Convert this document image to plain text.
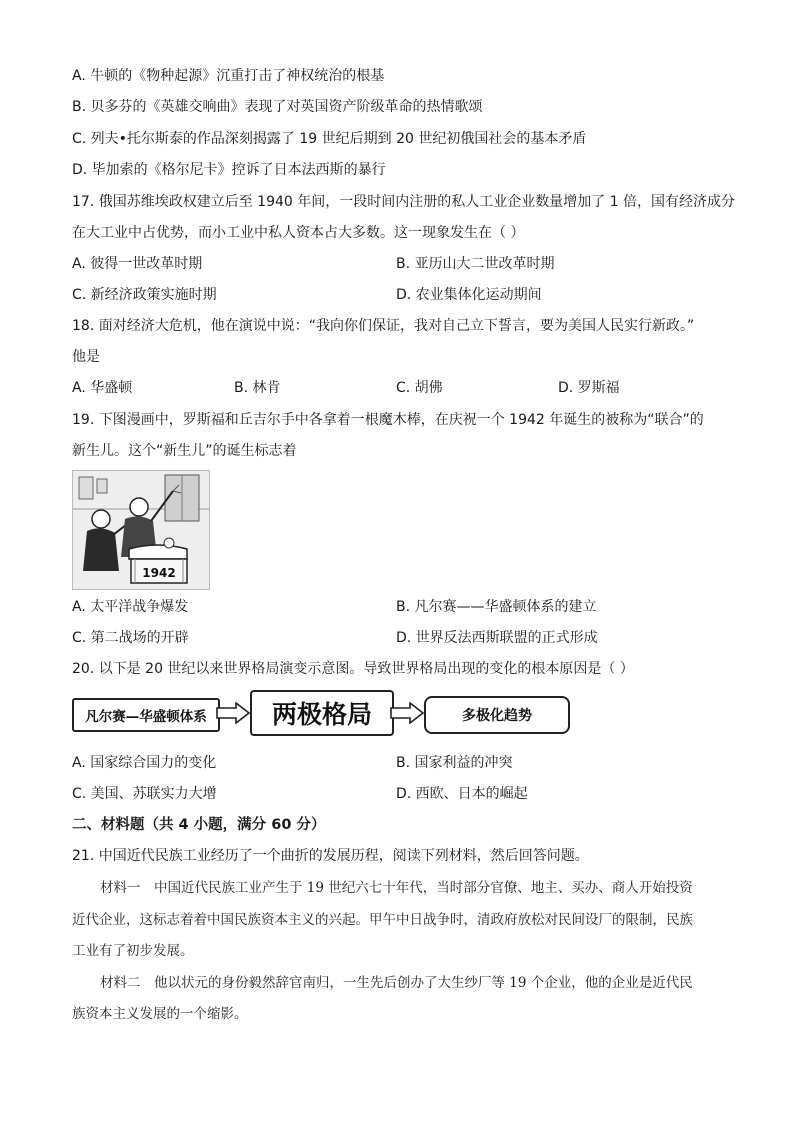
A. 牛顿的《物种起源》沉重打击了神权统治的根基
B. 贝多芬的《英雄交响曲》表现了对英国资产阶级革命的热情歌颂
C. 列夫•托尔斯泰的作品深刻揭露了 19 世纪后期到 20 世纪初俄国社会的基本矛盾
D. 毕加索的《格尔尼卡》控诉了日本法西斯的暴行
17. 俄国苏维埃政权建立后至 1940 年间，一段时间内注册的私人工业企业数量增加了 1 倍，国有经济成分
在大工业中占优势，而小工业中私人资本占大多数。这一现象发生在（ ）
A. 彼得一世改革时期	B. 亚历山大二世改革时期
C. 新经济政策实施时期	D. 农业集体化运动期间
18. 面对经济大危机，他在演说中说：“我向你们保证，我对自己立下誓言，要为美国人民实行新政。”
他是
A. 华盛顿	B. 林肯	C. 胡佛	D. 罗斯福
19. 下图漫画中，罗斯福和丘吉尔手中各拿着一根魔木棒，在庆祝一个 1942 年诞生的被称为“联合”的
新生儿。这个“新生儿”的诞生标志着
1942
A. 太平洋战争爆发	B. 凡尔赛——华盛顿体系的建立
C. 第二战场的开辟	D. 世界反法西斯联盟的正式形成
20. 以下是 20 世纪以来世界格局演变示意图。导致世界格局出现的变化的根本原因是（ ）
凡尔赛—华盛顿体系	两极格局	多极化趋势
A. 国家综合国力的变化	B. 国家利益的冲突
C. 美国、苏联实力大增	D. 西欧、日本的崛起
二、材料题（共 4 小题，满分 60 分）
21. 中国近代民族工业经历了一个曲折的发展历程，阅读下列材料，然后回答问题。
材料一　中国近代民族工业产生于 19 世纪六七十年代，当时部分官僚、地主、买办、商人开始投资
近代企业，这标志着着中国民族资本主义的兴起。甲午中日战争时，清政府放松对民间设厂的限制，民族
工业有了初步发展。
材料二　他以状元的身份毅然辞官南归，一生先后创办了大生纱厂等 19 个企业，他的企业是近代民
族资本主义发展的一个缩影。
